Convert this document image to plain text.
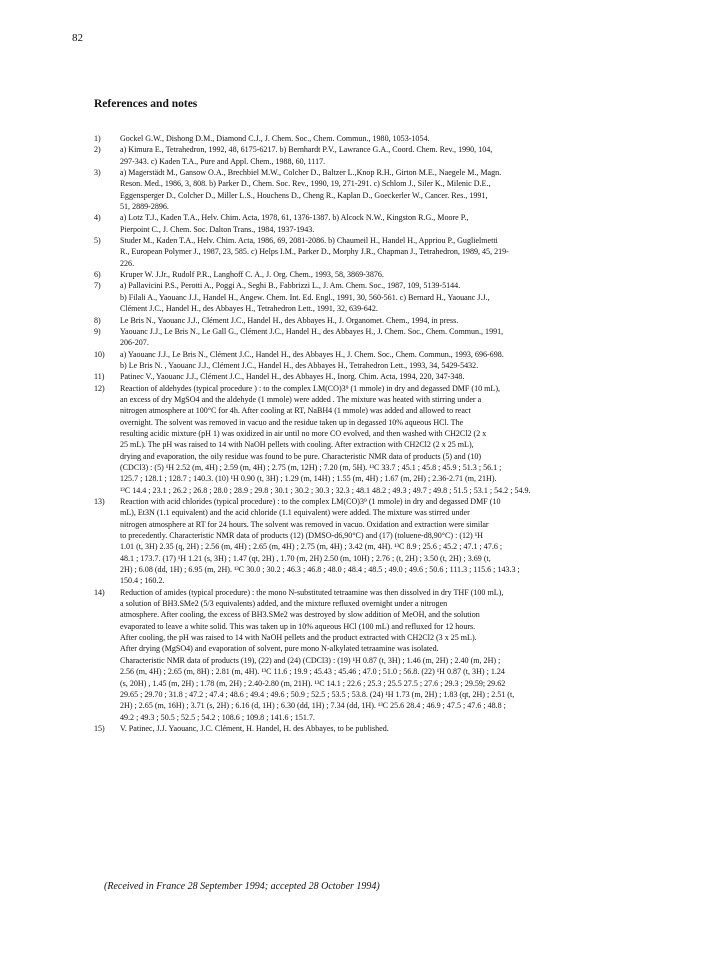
82
References and notes
1)	Gockel G.W., Dishong D.M., Diamond C.J., J. Chem. Soc., Chem. Commun., 1980, 1053-1054.
2)	a) Kimura E., Tetrahedron, 1992, 48, 6175-6217. b) Bernhardt P.V., Lawrance G.A., Coord. Chem. Rev., 1990, 104,
297-343. c) Kaden T.A., Pure and Appl. Chem., 1988, 60, 1117.
3)	a) Magerstädt M., Gansow O.A., Brechbiel M.W., Colcher D., Baltzer L.,Knop R.H., Girton M.E., Naegele M., Magn.
Reson. Med., 1986, 3, 808. b) Parker D., Chem. Soc. Rev., 1990, 19, 271-291. c) Schlom J., Siler K., Milenic D.E.,
Eggensperger D., Colcher D., Miller L.S., Houchens D., Cheng R., Kaplan D., Goeckerler W., Cancer. Res., 1991,
51, 2889-2896.
4)	a) Lotz T.J., Kaden T.A., Helv. Chim. Acta, 1978, 61, 1376-1387. b) Alcock N.W., Kingston R.G., Moore P.,
Pierpoint C., J. Chem. Soc. Dalton Trans., 1984, 1937-1943.
5)	Studer M., Kaden T.A., Helv. Chim. Acta, 1986, 69, 2081-2086. b) Chaumeil H., Handel H., Appriou P., Guglielmetti
R., European Polymer J., 1987, 23, 585. c) Helps I.M., Parker D., Morphy J.R., Chapman J., Tetrahedron, 1989, 45, 219-
226.
6)	Kruper W. J.Jr., Rudolf P.R., Langhoff C. A., J. Org. Chem., 1993, 58, 3869-3876.
7)	a) Pallavicini P.S., Perotti A., Poggi A., Seghi B., Fabbrizzi L., J. Am. Chem. Soc., 1987, 109, 5139-5144.
b) Filali A., Yaouanc J.J., Handel H., Angew. Chem. Int. Ed. Engl., 1991, 30, 560-561. c) Bernard H., Yaouanc J.J.,
Clément J.C., Handel H., des Abbayes H., Tetrahedron Lett., 1991, 32, 639-642.
8)	Le Bris N., Yaouanc J.J., Clément J.C., Handel H., des Abbayes H., J. Organomet. Chem., 1994, in press.
9)	Yaouanc J.J., Le Bris N., Le Gall G., Clément J.C., Handel H., des Abbayes H., J. Chem. Soc., Chem. Commun., 1991,
206-207.
10)	a) Yaouanc J.J., Le Bris N., Clément J.C., Handel H., des Abbayes H., J. Chem. Soc., Chem. Commun., 1993, 696-698.
b) Le Bris N. , Yaouanc J.J., Clément J.C., Handel H., des Abbayes H., Tetrahedron Lett., 1993, 34, 5429-5432.
11)	Patinec V., Yaouanc J.J., Clément J.C., Handel H., des Abbayes H., Inorg. Chim. Acta, 1994, 220, 347-348.
12)	Reaction of aldehydes (typical procedure ) : to the complex LM(CO)3⁹ (1 mmole) in dry and degassed DMF (10 mL),
an excess of dry MgSO4 and the aldehyde (1 mmole) were added . The mixture was heated with stirring under a
nitrogen atmosphere at 100°C for 4h. After cooling at RT, NaBH4 (1 mmole) was added and allowed to react
overnight. The solvent was removed in vacuo and the residue taken up in degassed 10% aqueous HCl. The
resulting acidic mixture (pH 1) was oxidized in air until no more CO evolved, and then washed with CH2Cl2 (2 x
25 mL). The pH was raised to 14 with NaOH pellets with cooling. After extraction with CH2Cl2 (2 x 25 mL),
drying and evaporation, the oily residue was found to be pure. Characteristic NMR data of products (5) and (10)
(CDCl3) : (5) ¹H 2.52 (m, 4H) ; 2.59 (m, 4H) ; 2.75 (m, 12H) ; 7.20 (m, 5H). ¹³C 33.7 ; 45.1 ; 45.8 ; 45.9 ; 51.3 ; 56.1 ;
125.7 ; 128.1 ; 128.7 ; 140.3. (10) ¹H 0.90 (t, 3H) ; 1.29 (m, 14H) ; 1.55 (m, 4H) ; 1.67 (m, 2H) ; 2.36-2.71 (m, 21H).
¹³C 14.4 ; 23.1 ; 26.2 ; 26.8 ; 28.0 ; 28.9 ; 29.8 ; 30.1 ; 30.2 ; 30.3 ; 32.3 ; 48.1 48.2 ; 49.3 ; 49.7 ; 49.8 ; 51.5 ; 53.1 ; 54.2 ; 54.9.
13)	Reaction with acid chlorides (typical procedure) : to the complex LM(CO)3⁹ (1 mmole) in dry and degassed DMF (10
mL), Et3N (1.1 equivalent) and the acid chloride (1.1 equivalent) were added. The mixture was stirred under
nitrogen atmosphere at RT for 24 hours. The solvent was removed in vacuo. Oxidation and extraction were similar
to precedently. Characteristic NMR data of products (12) (DMSO-d6,90°C) and (17) (toluene-d8,90°C) : (12) ¹H
1.01 (t, 3H) 2.35 (q, 2H) ; 2.56 (m, 4H) ; 2.65 (m, 4H) ; 2.75 (m, 4H) ; 3.42 (m, 4H). ¹³C 8.9 ; 25.6 ; 45.2 ; 47.1 ; 47.6 ;
48.1 ; 173.7. (17) ¹H 1.21 (s, 3H) ; 1.47 (qt, 2H) , 1.70 (m, 2H) 2.50 (m, 10H) ; 2.76 ; (t, 2H) ; 3.50 (t, 2H) ; 3.69 (t,
2H) ; 6.08 (dd, 1H) ; 6.95 (m, 2H). ¹³C 30.0 ; 30.2 ; 46.3 ; 46.8 ; 48.0 ; 48.4 ; 48.5 ; 49.0 ; 49.6 ; 50.6 ; 111.3 ; 115.6 ; 143.3 ;
150.4 ; 160.2.
14)	Reduction of amides (typical procedure) : the mono N-substituted tetraamine was then dissolved in dry THF (100 mL),
a solution of BH3.SMe2 (5/3 equivalents) added, and the mixture refluxed overnight under a nitrogen
atmosphere. After cooling, the excess of BH3.SMe2 was destroyed by slow addition of MeOH, and the solution
evaporated to leave a white solid. This was taken up in 10% aqueous HCl (100 mL) and refluxed for 12 hours.
After cooling, the pH was raised to 14 with NaOH pellets and the product extracted with CH2Cl2 (3 x 25 mL).
After drying (MgSO4) and evaporation of solvent, pure mono N-alkylated tetraamine was isolated.
Characteristic NMR data of products (19), (22) and (24) (CDCl3) : (19) ¹H 0.87 (t, 3H) ; 1.46 (m, 2H) ; 2.40 (m, 2H) ;
2.56 (m, 4H) ; 2.65 (m, 8H) ; 2.81 (m, 4H). ¹³C 11.6 ; 19.9 ; 45.43 ; 45.46 ; 47.0 ; 51.0 ; 56.8. (22) ¹H 0.87 (t, 3H) ; 1.24
(s, 20H) , 1.45 (m, 2H) ; 1.78 (m, 2H) ; 2.40-2.80 (m, 21H). ¹³C 14.1 ; 22.6 ; 25.3 ; 25.5 27.5 ; 27.6 ; 29.3 ; 29.59; 29.62
29.65 ; 29.70 ; 31.8 ; 47.2 ; 47.4 ; 48.6 ; 49.4 ; 49.6 ; 50.9 ; 52.5 ; 53.5 ; 53.8. (24) ¹H 1.73 (m, 2H) ; 1.83 (qt, 2H) ; 2.51 (t,
2H) ; 2.65 (m, 16H) ; 3.71 (s, 2H) ; 6.16 (d, 1H) ; 6.30 (dd, 1H) ; 7.34 (dd, 1H). ¹³C 25.6 28.4 ; 46.9 ; 47.5 ; 47.6 ; 48.8 ;
49.2 ; 49.3 ; 50.5 ; 52.5 ; 54.2 ; 108.6 ; 109.8 ; 141.6 ; 151.7.
15)	V. Patinec, J.J. Yaouanc, J.C. Clément, H. Handel, H. des Abbayes, to be published.
(Received in France 28 September 1994; accepted 28 October 1994)
